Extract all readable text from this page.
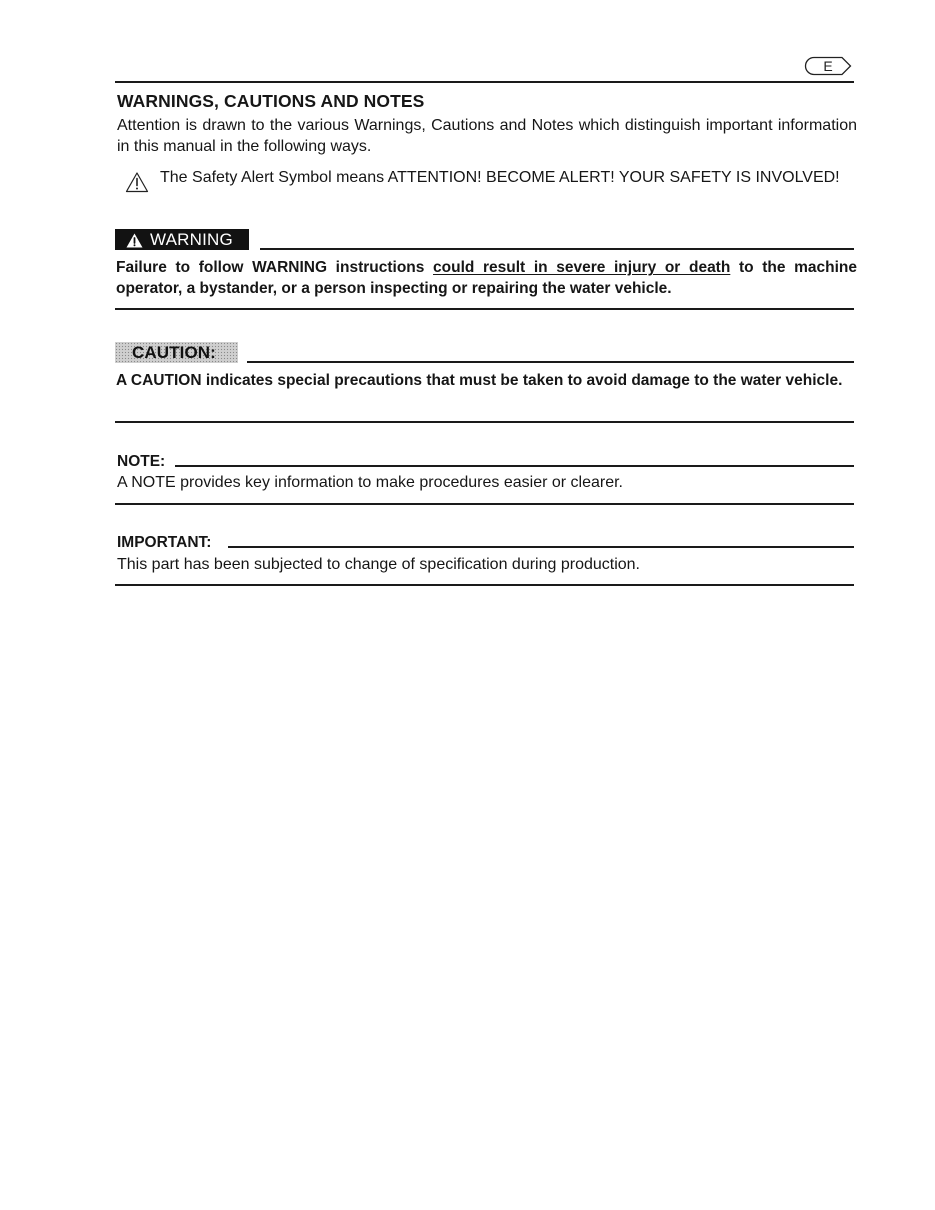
E
WARNINGS, CAUTIONS AND NOTES

Attention is drawn to the various Warnings, Cautions and Notes which distinguish important information in this manual in the following ways.

The Safety Alert Symbol means ATTENTION! BECOME ALERT! YOUR SAFETY IS INVOLVED!
WARNING

Failure to follow WARNING instructions could result in severe injury or death to the machine operator, a bystander, or a person inspecting or repairing the water vehicle.

CAUTION:

A CAUTION indicates special precautions that must be taken to avoid damage to the water vehicle.

NOTE:

A NOTE provides key information to make procedures easier or clearer.

IMPORTANT:

This part has been subjected to change of specification during production.
